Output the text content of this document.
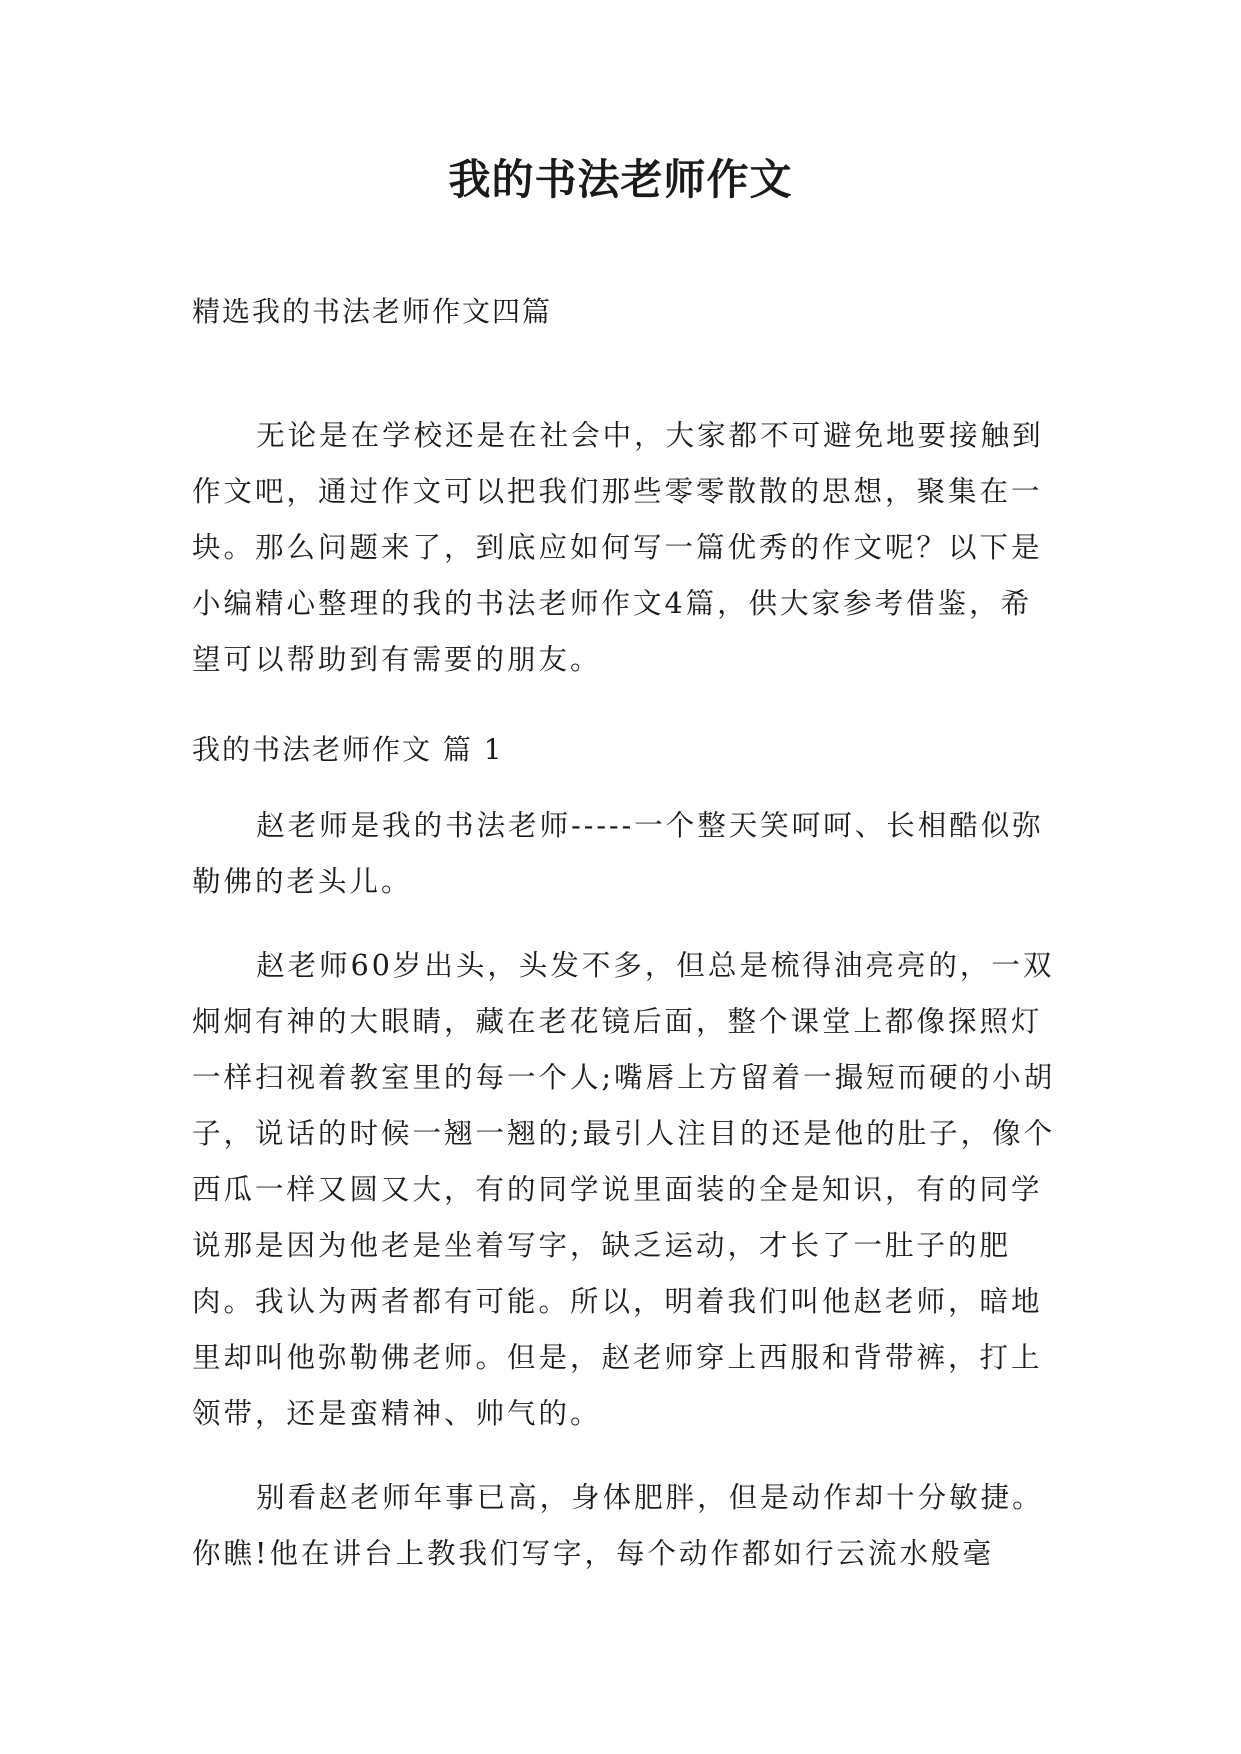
我的书法老师作文

精选我的书法老师作文四篇

无论是在学校还是在社会中，大家都不可避免地要接触到作文吧，通过作文可以把我们那些零零散散的思想，聚集在一块。那么问题来了，到底应如何写一篇优秀的作文呢？以下是小编精心整理的我的书法老师作文4篇，供大家参考借鉴，希望可以帮助到有需要的朋友。

我的书法老师作文 篇 1

赵老师是我的书法老师-----一个整天笑呵呵、长相酷似弥勒佛的老头儿。

赵老师60岁出头，头发不多，但总是梳得油亮亮的，一双炯炯有神的大眼睛，藏在老花镜后面，整个课堂上都像探照灯一样扫视着教室里的每一个人;嘴唇上方留着一撮短而硬的小胡子，说话的时候一翘一翘的;最引人注目的还是他的肚子，像个西瓜一样又圆又大，有的同学说里面装的全是知识，有的同学说那是因为他老是坐着写字，缺乏运动，才长了一肚子的肥肉。我认为两者都有可能。所以，明着我们叫他赵老师，暗地里却叫他弥勒佛老师。但是，赵老师穿上西服和背带裤，打上领带，还是蛮精神、帅气的。

别看赵老师年事已高，身体肥胖，但是动作却十分敏捷。你瞧!他在讲台上教我们写字，每个动作都如行云流水般毫
